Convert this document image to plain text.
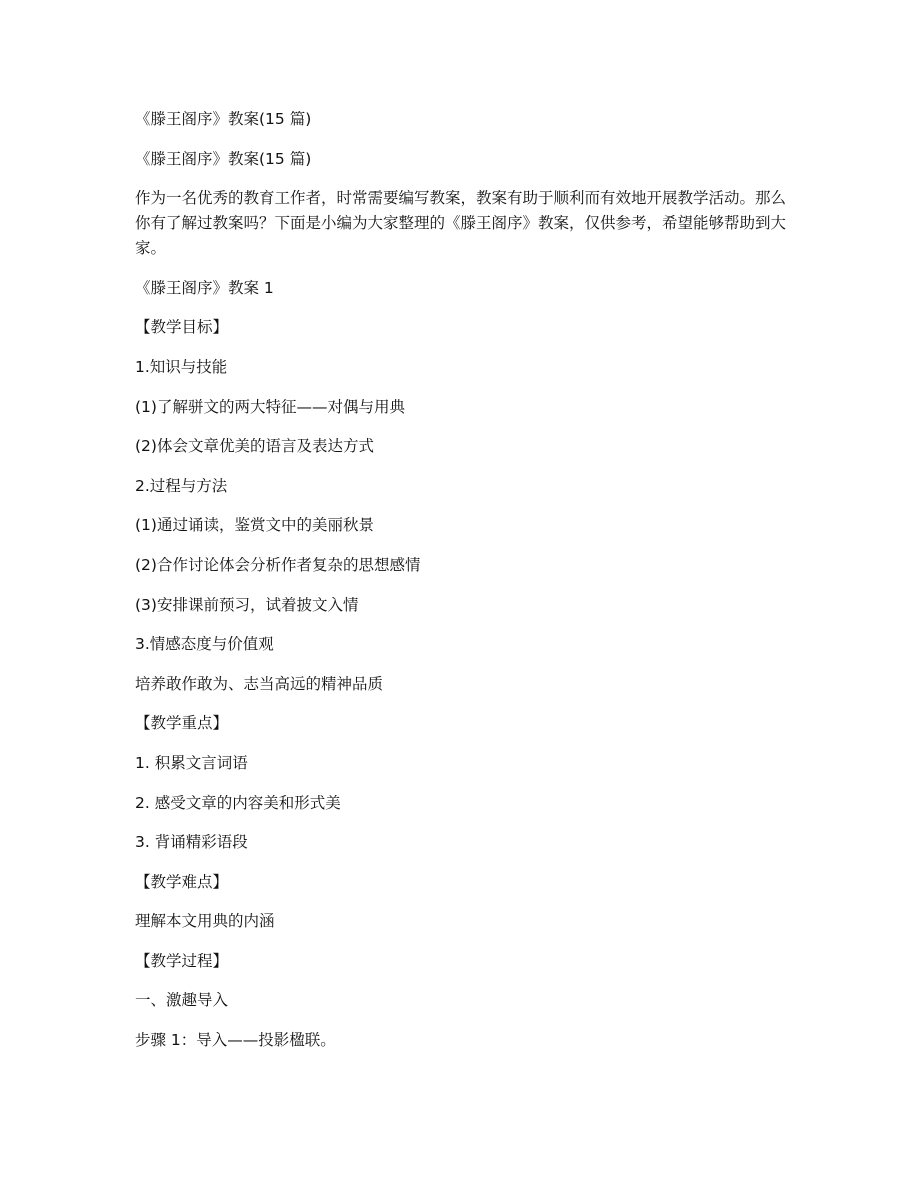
《滕王阁序》教案(15 篇)

《滕王阁序》教案(15 篇)

作为一名优秀的教育工作者，时常需要编写教案，教案有助于顺利而有效地开展教学活动。那么你有了解过教案吗？下面是小编为大家整理的《滕王阁序》教案，仅供参考，希望能够帮助到大家。

《滕王阁序》教案 1

【教学目标】

1.知识与技能

(1)了解骈文的两大特征——对偶与用典

(2)体会文章优美的语言及表达方式

2.过程与方法

(1)通过诵读，鉴赏文中的美丽秋景

(2)合作讨论体会分析作者复杂的思想感情

(3)安排课前预习，试着披文入情

3.情感态度与价值观

培养敢作敢为、志当高远的精神品质

【教学重点】

1. 积累文言词语

2. 感受文章的内容美和形式美

3. 背诵精彩语段

【教学难点】

理解本文用典的内涵

【教学过程】

一、激趣导入

步骤 1：导入——投影楹联。
